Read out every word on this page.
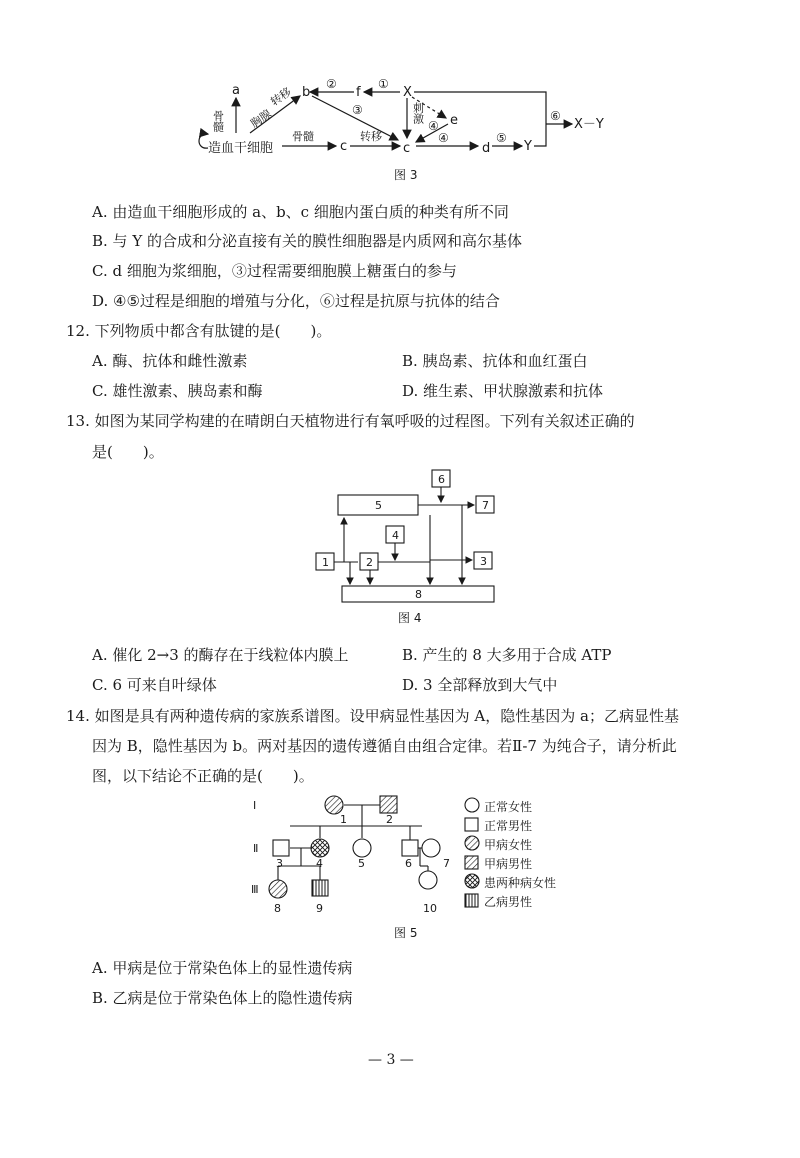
造血干细胞
a	b
c	c	d
e
f	X
Y
X－Y
骨髓 胸腺
转移
骨髓	转移
刺激
①
②
③
④
④	⑤
⑥
图 3
A. 由造血干细胞形成的 a、b、c 细胞内蛋白质的种类有所不同
B. 与 Y 的合成和分泌直接有关的膜性细胞器是内质网和高尔基体
C. d 细胞为浆细胞，③过程需要细胞膜上糖蛋白的参与
D. ④⑤过程是细胞的增殖与分化，⑥过程是抗原与抗体的结合
12. 下列物质中都含有肽键的是(　　)。
A. 酶、抗体和雌性激素	B. 胰岛素、抗体和血红蛋白
C. 雄性激素、胰岛素和酶	D. 维生素、甲状腺激素和抗体
13. 如图为某同学构建的在晴朗白天植物进行有氧呼吸的过程图。下列有关叙述正确的
是(　　)。
5
6
7
4
1	2	3
8
图 4
A. 催化 2→3 的酶存在于线粒体内膜上	B. 产生的 8 大多用于合成 ATP
C. 6 可来自叶绿体	D. 3 全部释放到大气中
14. 如图是具有两种遗传病的家族系谱图。设甲病显性基因为 A，隐性基因为 a；乙病显性基
因为 B，隐性基因为 b。两对基因的遗传遵循自由组合定律。若Ⅱ-7 为纯合子，请分析此
图，以下结论不正确的是(　　)。
Ⅰ
Ⅱ
Ⅲ
1	2
3	4	5	6	7
8	9	10
正常女性
正常男性
甲病女性
甲病男性
患两种病女性
乙病男性
图 5
A. 甲病是位于常染色体上的显性遗传病
B. 乙病是位于常染色体上的隐性遗传病
— 3 —
